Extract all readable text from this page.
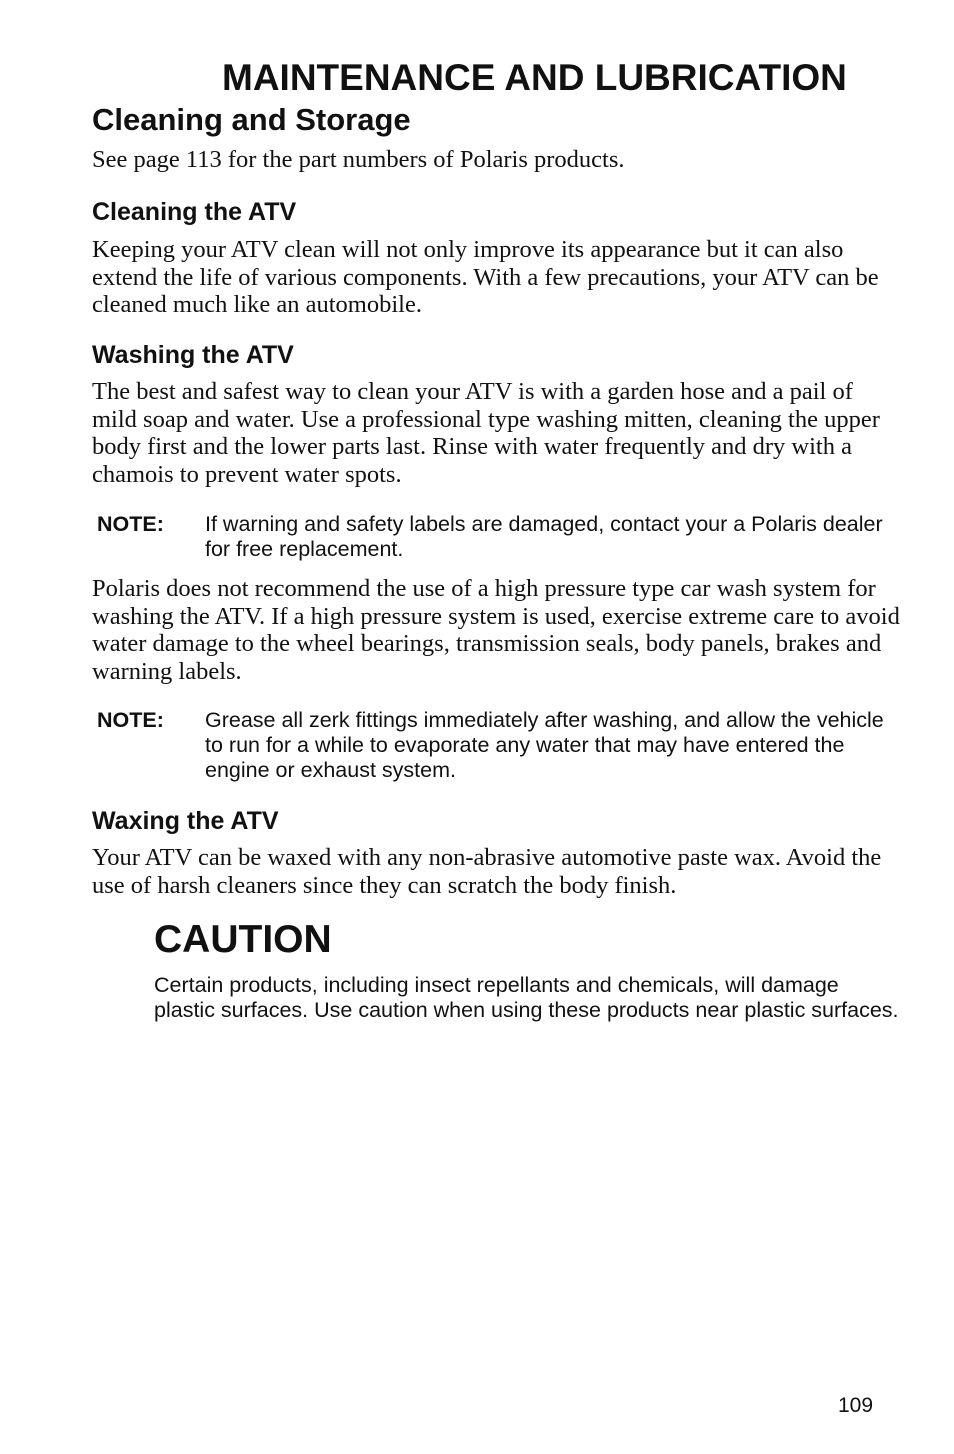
MAINTENANCE AND LUBRICATION
Cleaning and Storage

See page 113 for the part numbers of Polaris products.

Cleaning the ATV

Keeping your ATV clean will not only improve its appearance but it can also extend the life of various components. With a few precautions, your ATV can be cleaned much like an automobile.

Washing the ATV

The best and safest way to clean your ATV is with a garden hose and a pail of mild soap and water. Use a professional type washing mitten, cleaning the upper body first and the lower parts last. Rinse with water frequently and dry with a chamois to prevent water spots.

NOTE: If warning and safety labels are damaged, contact your a Polaris dealer for free replacement.

Polaris does not recommend the use of a high pressure type car wash system for washing the ATV. If a high pressure system is used, exercise extreme care to avoid water damage to the wheel bearings, transmission seals, body panels, brakes and warning labels.

NOTE: Grease all zerk fittings immediately after washing, and allow the vehicle to run for a while to evaporate any water that may have entered the engine or exhaust system.
Waxing the ATV

Your ATV can be waxed with any non-abrasive automotive paste wax. Avoid the use of harsh cleaners since they can scratch the body finish.

CAUTION

Certain products, including insect repellants and chemicals, will damage plastic surfaces. Use caution when using these products near plastic surfaces.

109
